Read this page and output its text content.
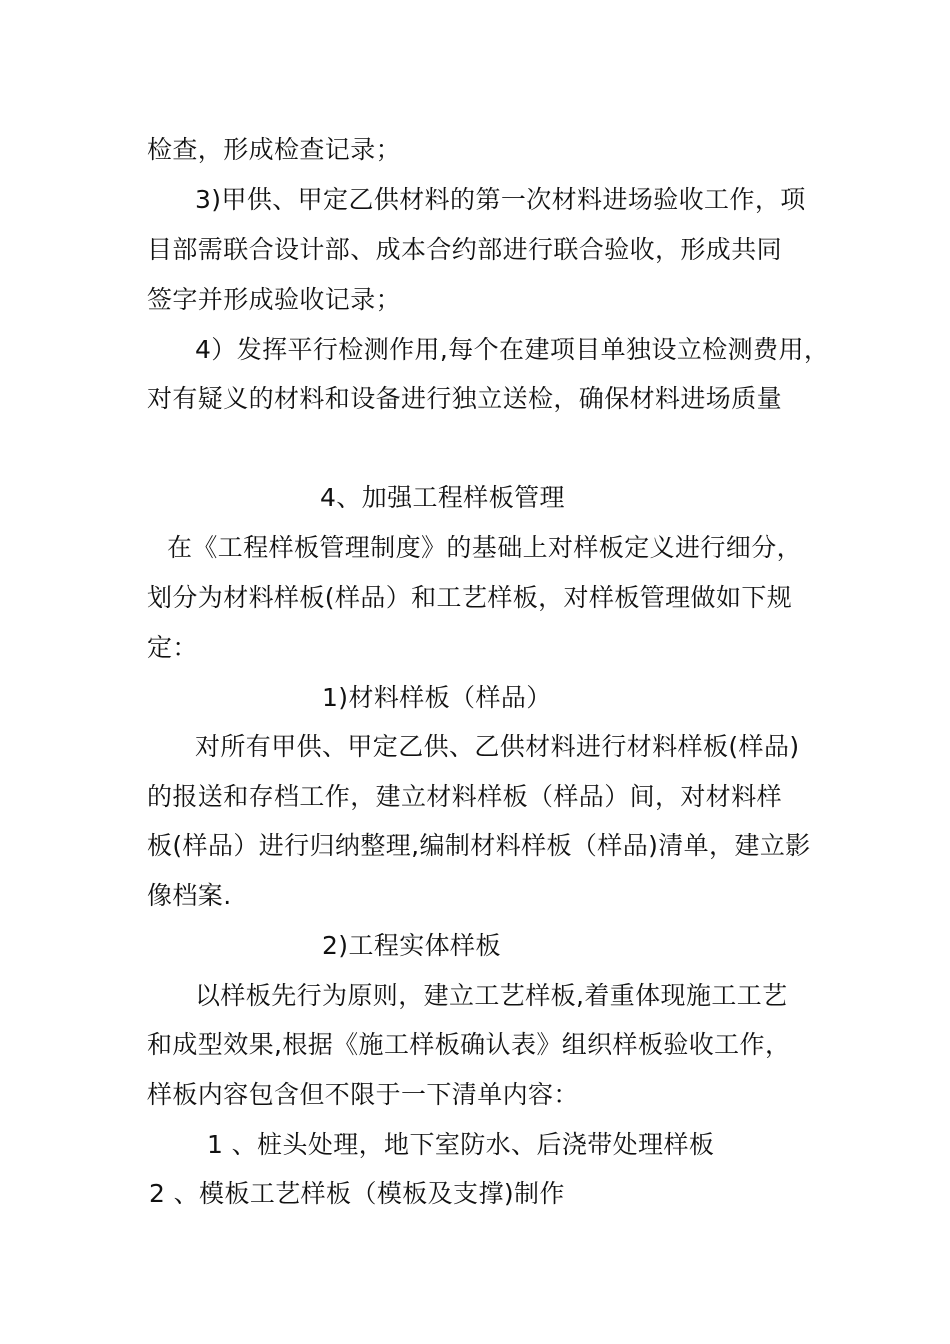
检查，形成检查记录；
3)甲供、甲定乙供材料的第一次材料进场验收工作，项
目部需联合设计部、成本合约部进行联合验收，形成共同
签字并形成验收记录；
4）发挥平行检测作用,每个在建项目单独设立检测费用，
对有疑义的材料和设备进行独立送检，确保材料进场质量
4、加强工程样板管理
在《工程样板管理制度》的基础上对样板定义进行细分，
划分为材料样板(样品）和工艺样板，对样板管理做如下规
定：
1)材料样板（样品）
对所有甲供、甲定乙供、乙供材料进行材料样板(样品)
的报送和存档工作，建立材料样板（样品）间，对材料样
板(样品）进行归纳整理,编制材料样板（样品)清单，建立影
像档案.
2)工程实体样板
以样板先行为原则，建立工艺样板,着重体现施工工艺
和成型效果,根据《施工样板确认表》组织样板验收工作，
样板内容包含但不限于一下清单内容：
1 、桩头处理，地下室防水、后浇带处理样板
2 、模板工艺样板（模板及支撑)制作
